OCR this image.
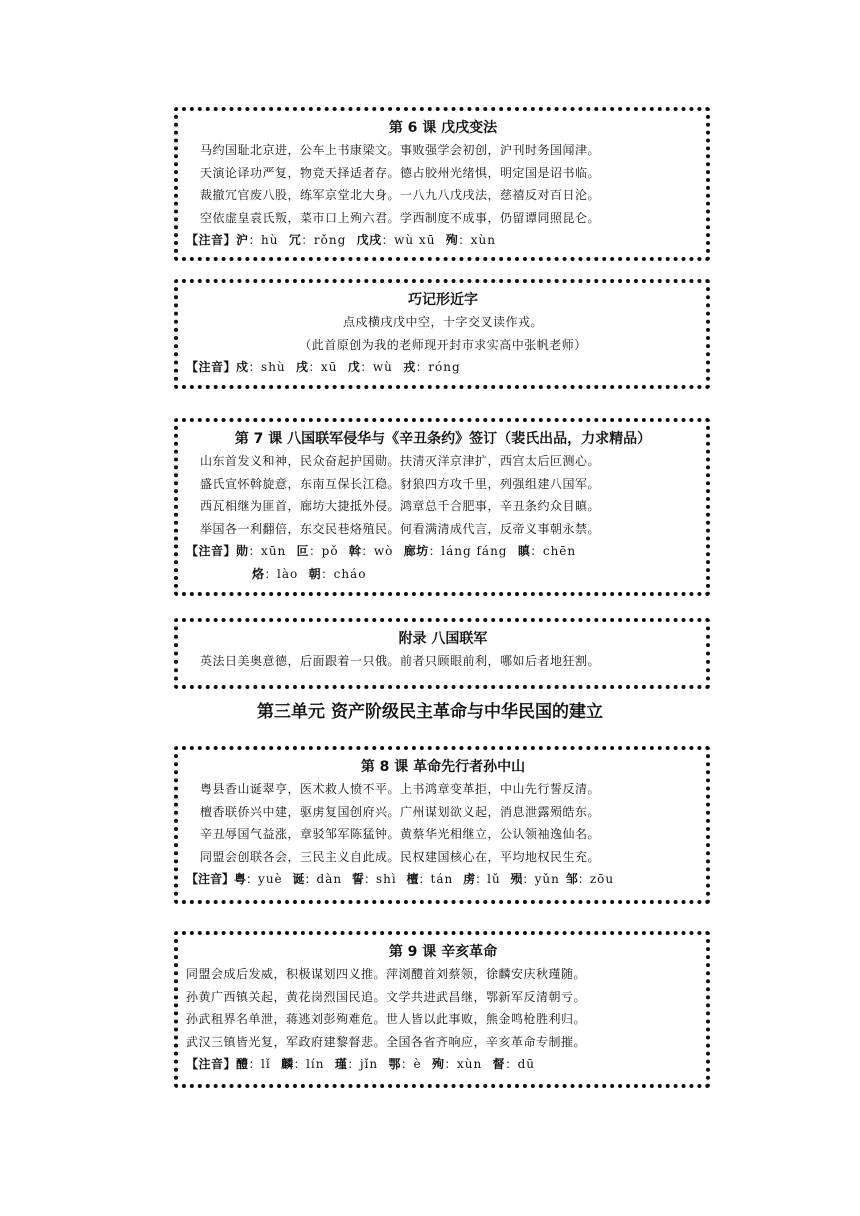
第 6 课 戊戌变法
马约国耻北京进，公车上书康梁文。事败强学会初创，沪刊时务国闻津。
天演论译功严复，物竞天择适者存。德占胶州光绪惧，明定国是诏书临。
裁撤冗官废八股，练军京堂北大身。一八九八戊戌法，慈禧反对百日沦。
空依虚皇袁氏叛，菜市口上殉六君。学西制度不成事，仍留谭同照昆仑。
【注音】沪：hù 冗：rǒng 戊戌：wù xū 殉：xùn
巧记形近字
点戍横戌戊中空，十字交叉读作戎。
（此首原创为我的老师现开封市求实高中张帆老师）
【注音】戍：shù 戌：xū 戊：wù 戎：róng
第 7 课 八国联军侵华与《辛丑条约》签订（裴氏出品，力求精品）
山东首发义和神，民众奋起护国勋。扶清灭洋京津扩，西宫太后叵测心。
盛氏宣怀斡旋意，东南互保长江稳。豺狼四方攻千里，列强组建八国军。
西瓦相继为匪首，廊坊大捷抵外侵。鸿章总千合肥事，辛丑条约众目瞋。
举国各一利翻倍，东交民巷烙殖民。何看满清成代言，反帝义事朝永禁。
【注音】勋：xūn 叵：pǒ 斡：wò 廊坊：láng fáng 瞋：chēn
烙：lào 朝：cháo
附录 八国联军
英法日美奥意德，后面跟着一只俄。前者只顾眼前利，哪如后者地狂割。
第三单元 资产阶级民主革命与中华民国的建立
第 8 课 革命先行者孙中山
粤县香山诞翠亨，医术救人愤不平。上书鸿章变革拒，中山先行誓反清。
檀香联侨兴中建，驱虏复国创府兴。广州谋划欲义起，消息泄露殒皓东。
辛丑辱国气益涨，章驳邹军陈猛钟。黄蔡华光相继立，公认领袖逸仙名。
同盟会创联各会，三民主义自此成。民权建国核心在，平均地权民生充。
【注音】粤：yuè 诞：dàn 誓：shì 檀：tán 虏：lǔ 殒：yǔn 邹：zōu
第 9 课 辛亥革命
同盟会成后发威，积极谋划四义推。萍浏醴首刘蔡领，徐麟安庆秋瑾随。
孙黄广西镇关起，黄花岗烈国民追。文学共进武昌继，鄂新军反清朝亏。
孙武租界名单泄，蒋逃刘彭殉难危。世人皆以此事败，熊金鸣枪胜利归。
武汉三镇皆光复，军政府建黎督悲。全国各省齐响应，辛亥革命专制摧。
【注音】醴：lǐ 麟：lín 瑾：jǐn 鄂：è 殉：xùn 督：dū
